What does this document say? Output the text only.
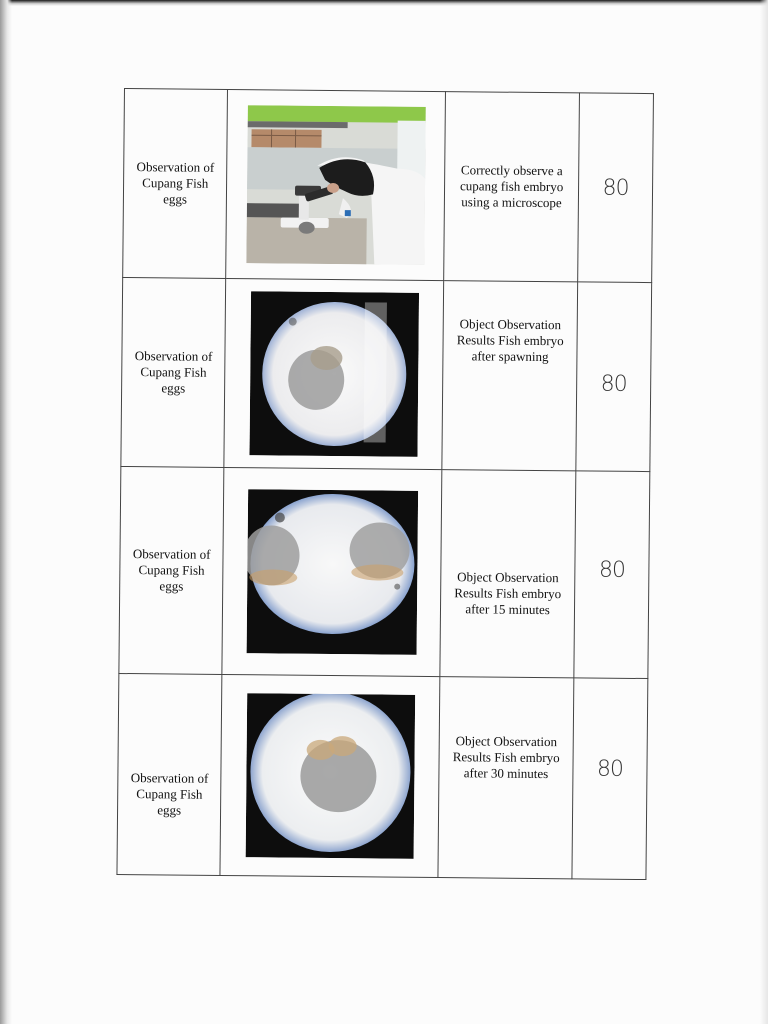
Observation of Cupang Fish eggs		Correctly observe a cupang fish embryo using a microscope	80

Observation of Cupang Fish eggs		Object Observation Results Fish embryo after spawning	80

Observation of Cupang Fish eggs		Object Observation Results Fish embryo after 15 minutes	80

Observation of Cupang Fish eggs		Object Observation Results Fish embryo after 30 minutes	80
